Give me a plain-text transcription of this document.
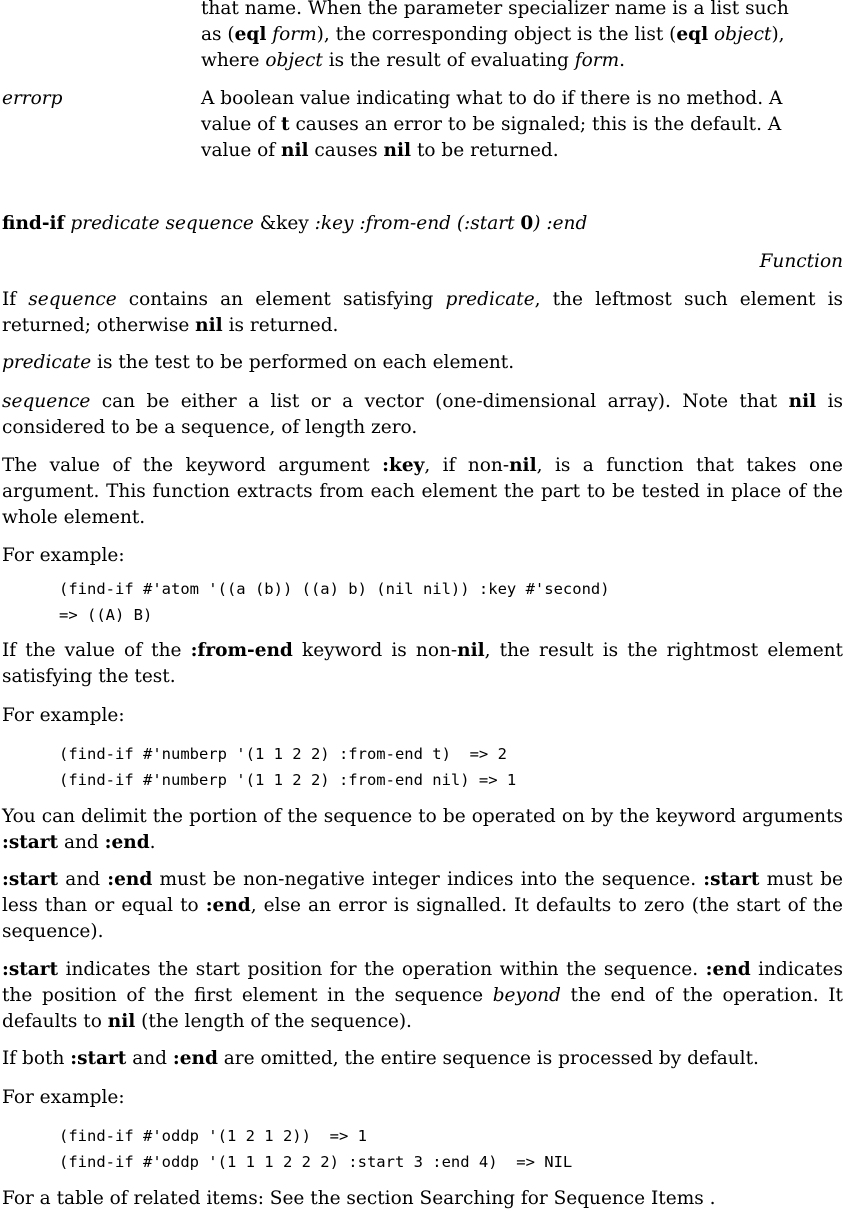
that name. When the parameter specializer name is a list such
as (eql form), the corresponding object is the list (eql object),
where object is the result of evaluating form.

errorp	A boolean value indicating what to do if there is no method. A
value of t causes an error to be signaled; this is the default. A
value of nil causes nil to be returned.

find-if predicate sequence &key :key :from-end (:start 0) :end

Function

If sequence contains an element satisfying predicate, the leftmost such element is returned; otherwise nil is returned.

predicate is the test to be performed on each element.

sequence can be either a list or a vector (one-dimensional array). Note that nil is considered to be a sequence, of length zero.

The value of the keyword argument :key, if non-nil, is a function that takes one argument. This function extracts from each element the part to be tested in place of the whole element.

For example:

(find-if #'atom '((a (b)) ((a) b) (nil nil)) :key #'second)
=> ((A) B)

If the value of the :from-end keyword is non-nil, the result is the rightmost element satisfying the test.

For example:

(find-if #'numberp '(1 1 2 2) :from-end t)  => 2
(find-if #'numberp '(1 1 2 2) :from-end nil) => 1

You can delimit the portion of the sequence to be operated on by the keyword arguments :start and :end.

:start and :end must be non-negative integer indices into the sequence. :start must be less than or equal to :end, else an error is signalled. It defaults to zero (the start of the sequence).

:start indicates the start position for the operation within the sequence. :end indicates the position of the first element in the sequence beyond the end of the operation. It defaults to nil (the length of the sequence).

If both :start and :end are omitted, the entire sequence is processed by default.

For example:

(find-if #'oddp '(1 2 1 2))  => 1
(find-if #'oddp '(1 1 1 2 2 2) :start 3 :end 4)  => NIL

For a table of related items: See the section Searching for Sequence Items .
